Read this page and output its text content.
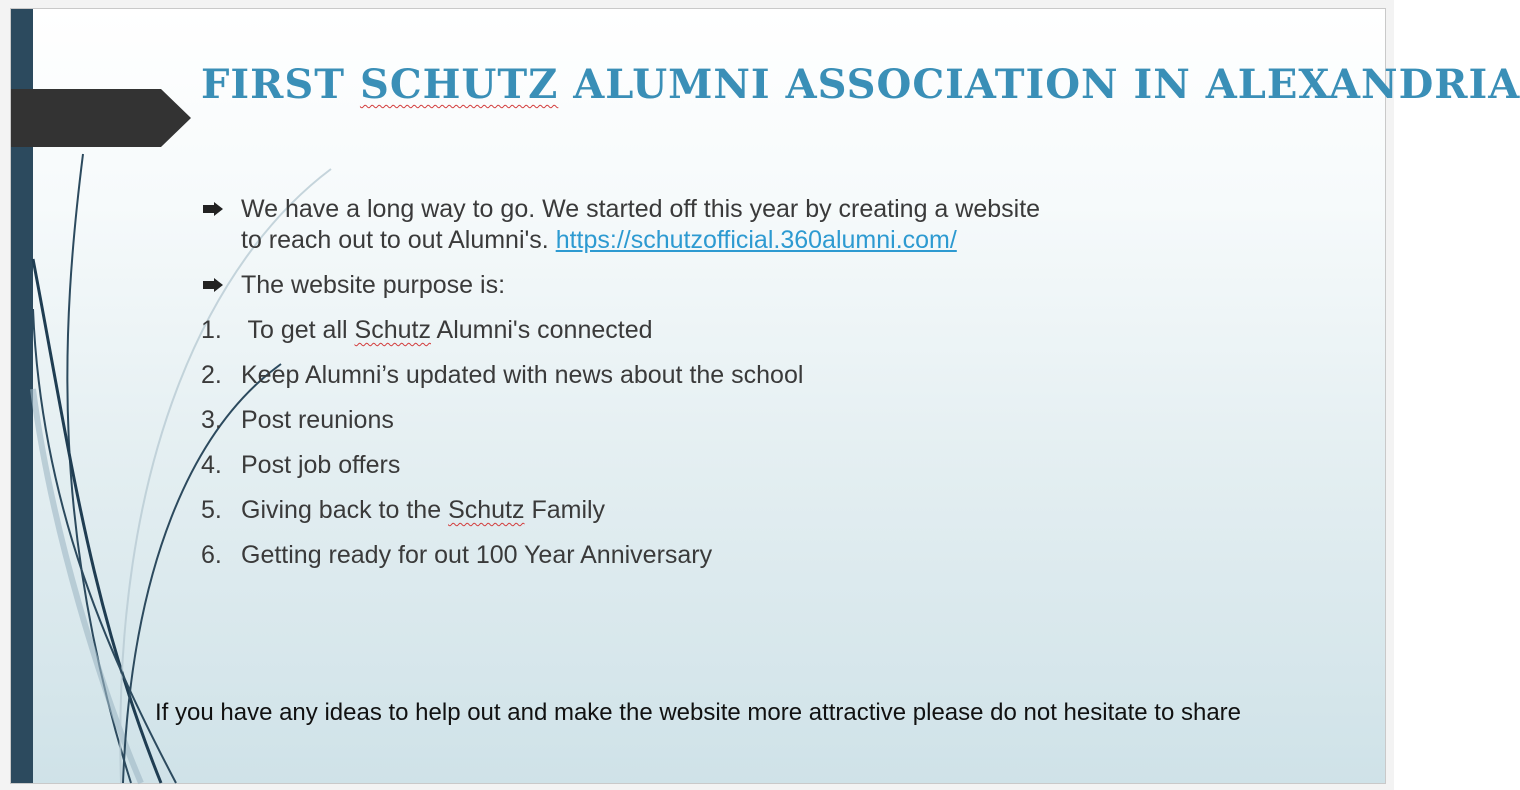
FIRST SCHUTZ ALUMNI ASSOCIATION IN ALEXANDRIA
We have a long way to go. We started off this year by creating a website
to reach out to out Alumni's. https://schutzofficial.360alumni.com/
The website purpose is:
1. To get all Schutz Alumni's connected
2. Keep Alumni’s updated with news about the school
3. Post reunions
4. Post job offers
5. Giving back to the Schutz Family
6. Getting ready for out 100 Year Anniversary
If you have any ideas to help out and make the website more attractive please do not hesitate to share
